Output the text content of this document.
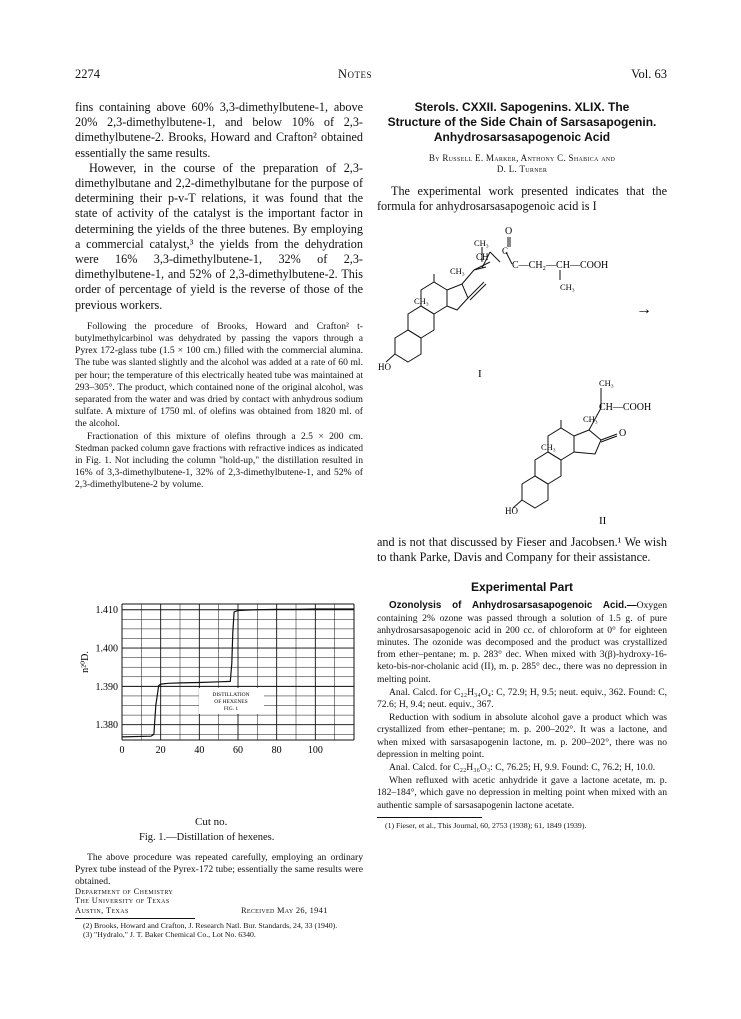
2274	Notes	Vol. 63

fins containing above 60% 3,3-dimethylbutene-1, above 20% 2,3-dimethylbutene-1, and below 10% of 2,3-dimethylbutene-2. Brooks, Howard and Crafton² obtained essentially the same results.

However, in the course of the preparation of 2,3-dimethylbutane and 2,2-dimethylbutane for the purpose of determining their p-v-T relations, it was found that the state of activity of the catalyst is the important factor in determining the yields of the three butenes. By employing a commercial catalyst,³ the yields from the dehydration were 16% 3,3-dimethylbutene-1, 32% of 2,3-dimethylbutene-1, and 52% of 2,3-dimethylbutene-2. This order of percentage of yield is the reverse of those of the previous workers.

Following the procedure of Brooks, Howard and Crafton² t-butylmethylcarbinol was dehydrated by passing the vapors through a Pyrex 172-glass tube (1.5 × 100 cm.) filled with the commercial alumina. The tube was slanted slightly and the alcohol was added at a rate of 60 ml. per hour; the temperature of this electrically heated tube was maintained at 293–305°. The product, which contained none of the original alcohol, was separated from the water and was dried by contact with anhydrous sodium sulfate. A mixture of 1750 ml. of olefins was obtained from 1820 ml. of the alcohol.

Fractionation of this mixture of olefins through a 2.5 × 200 cm. Stedman packed column gave fractions with refractive indices as indicated in Fig. 1. Not including the column "hold-up," the distillation resulted in 16% of 3,3-dimethylbutene-1, 32% of 2,3-dimethylbutene-1, and 52% of 2,3-dimethylbutene-2 by volume.

1.380
1.390
1.400
1.410
0	20	40	60	80	100
DISTILLATION
OF HEXENES
FIG. 1
n²⁰D.
Cut no.
Fig. 1.—Distillation of hexenes.

The above procedure was repeated carefully, employing an ordinary Pyrex tube instead of the Pyrex-172 tube; essentially the same results were obtained.

Department of Chemistry
The University of Texas
Austin, Texas	Received May 26, 1941
(2) Brooks, Howard and Crafton, J. Research Natl. Bur. Standards, 24, 33 (1940).
(3) "Hydralo," J. T. Baker Chemical Co., Lot No. 6340.
Sterols. CXXII. Sapogenins. XLIX. The
Structure of the Side Chain of Sarsasapogenin.
Anhydrosarsasapogenoic Acid
By Russell E. Marker, Anthony C. Shabica and
D. L. Turner

The experimental work presented indicates that the formula for anhydrosarsasapogenoic acid is I

O
CH₃
C
CH
CH₃	C—CH₂—CH—COOH
CH₃
CH₃
HO
I
→
CH₃
CH—COOH
CH₃
O
CH₃
HO
II

and is not that discussed by Fieser and Jacobsen.¹ We wish to thank Parke, Davis and Company for their assistance.

Experimental Part

Ozonolysis of Anhydrosarsasapogenoic Acid.—Oxygen containing 2% ozone was passed through a solution of 1.5 g. of pure anhydrosarsasapogenoic acid in 200 cc. of chloroform at 0° for eighteen minutes. The ozonide was decomposed and the product was crystallized from ether–pentane; m. p. 283° dec. When mixed with 3(β)-hydroxy-16-keto-bis-nor-cholanic acid (II), m. p. 285° dec., there was no depression in melting point.

Anal. Calcd. for C₂₂H₃₄O₄: C, 72.9; H, 9.5; neut. equiv., 362. Found: C, 72.6; H, 9.4; neut. equiv., 367.

Reduction with sodium in absolute alcohol gave a product which was crystallized from ether–pentane; m. p. 200–202°. It was a lactone, and when mixed with sarsasapogenin lactone, m. p. 200–202°, there was no depression in melting point.

Anal. Calcd. for C₂₂H₃₆O₃: C, 76.25; H, 9.9. Found: C, 76.2; H, 10.0.

When refluxed with acetic anhydride it gave a lactone acetate, m. p. 182–184°, which gave no depression in melting point when mixed with an authentic sample of sarsasapogenin lactone acetate.

(1) Fieser, et al., This Journal, 60, 2753 (1938); 61, 1849 (1939).
